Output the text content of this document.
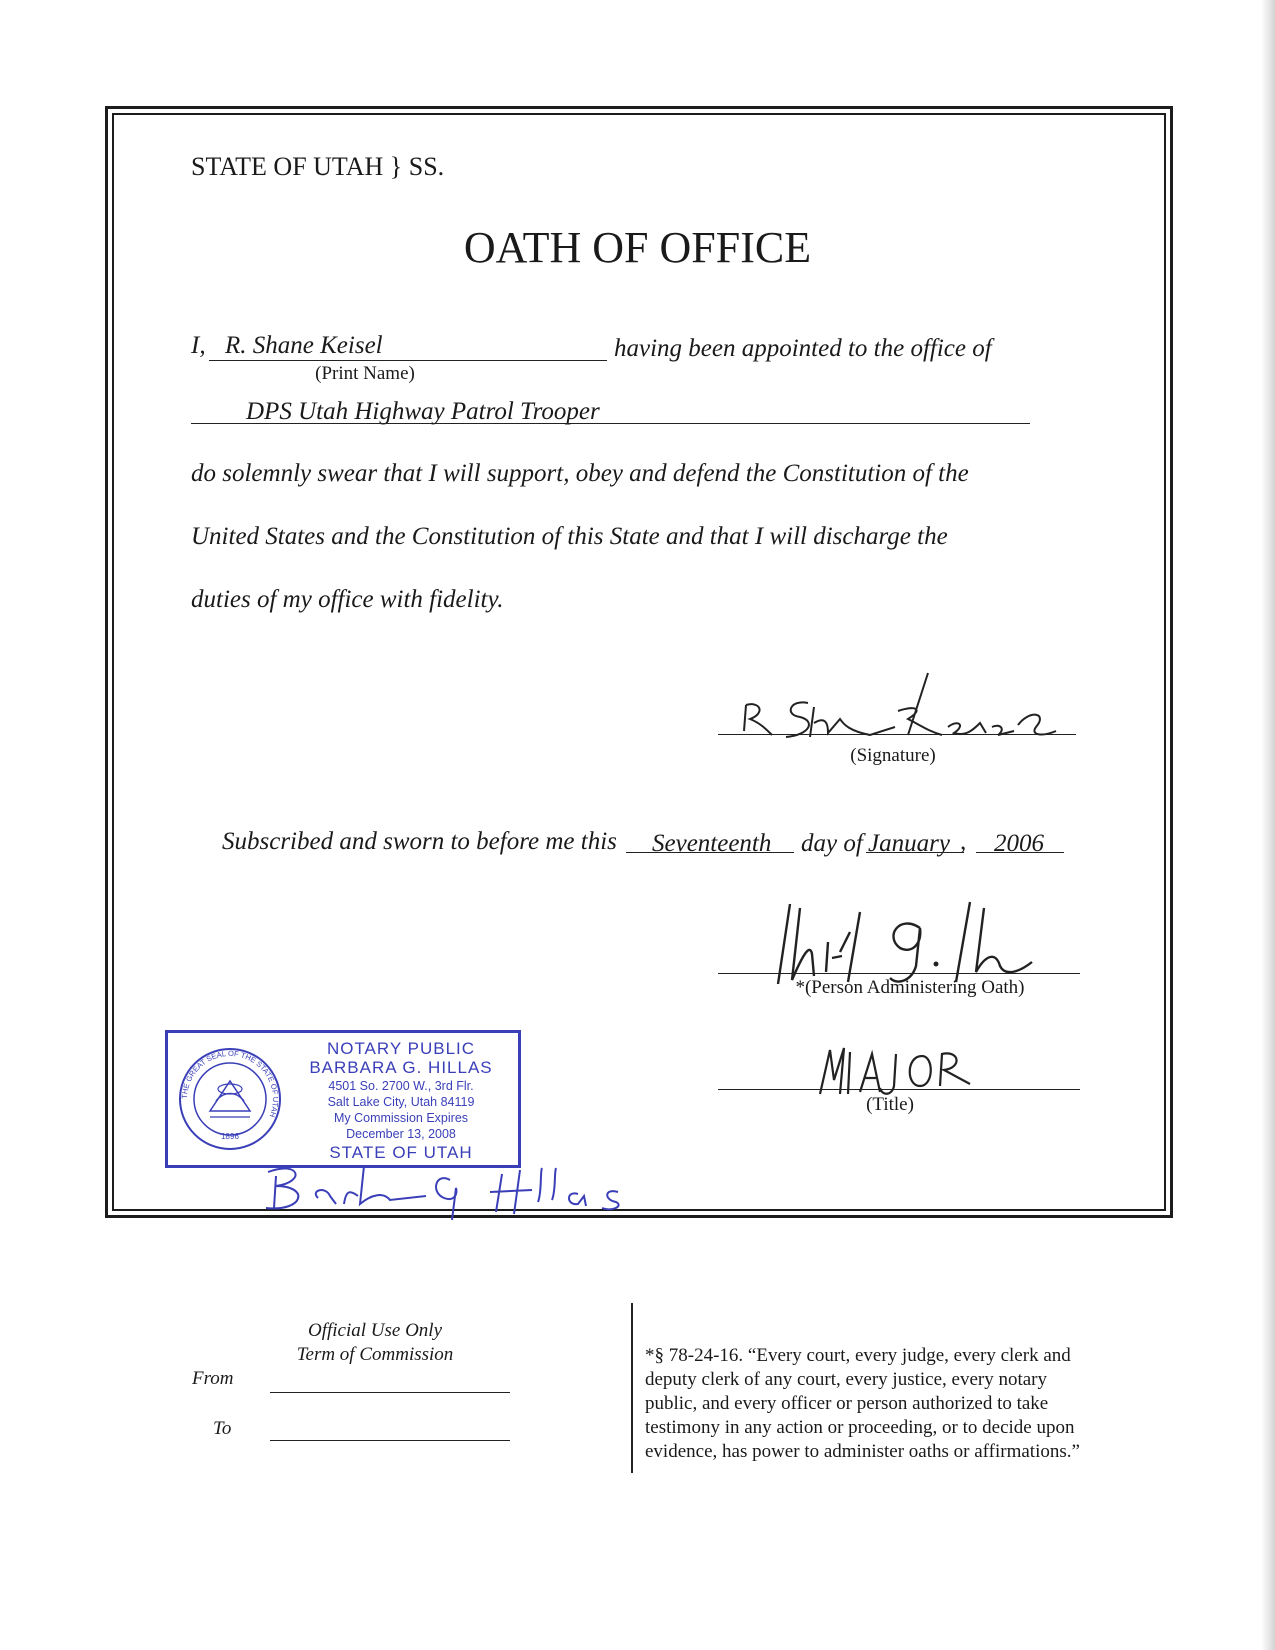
STATE OF UTAH } SS.
OATH OF OFFICE
I, R. Shane Keisel	having been appointed to the office of
(Print Name)
DPS Utah Highway Patrol Trooper
do solemnly swear that I will support, obey and defend the Constitution of the
United States and the Constitution of this State and that I will discharge the
duties of my office with fidelity.
(Signature)
Subscribed and sworn to before me this Seventeenth day of January , 2006
*(Person Administering Oath)
(Title)
THE GREAT SEAL OF THE STATE OF UTAH
1896
NOTARY PUBLIC
BARBARA G. HILLAS
4501 So. 2700 W., 3rd Flr.
Salt Lake City, Utah 84119
My Commission Expires
December 13, 2008
STATE OF UTAH
Official Use Only
Term of Commission
From
To
*§ 78-24-16. “Every court, every judge, every clerk and
deputy clerk of any court, every justice, every notary
public, and every officer or person authorized to take
testimony in any action or proceeding, or to decide upon
evidence, has power to administer oaths or affirmations.”
